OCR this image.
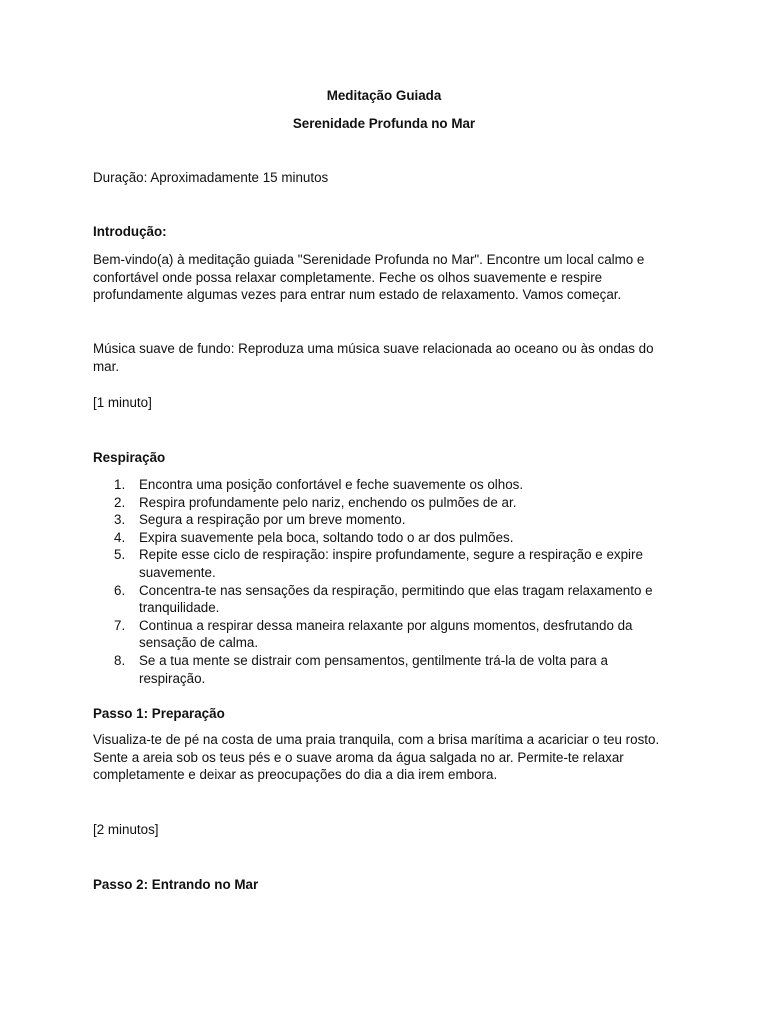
Meditação Guiada

Serenidade Profunda no Mar

Duração: Aproximadamente 15 minutos

Introdução:

Bem-vindo(a) à meditação guiada "Serenidade Profunda no Mar". Encontre um local calmo e confortável onde possa relaxar completamente. Feche os olhos suavemente e respire profundamente algumas vezes para entrar num estado de relaxamento. Vamos começar.

Música suave de fundo: Reproduza uma música suave relacionada ao oceano ou às ondas do mar.

[1 minuto]

Respiração

1. Encontra uma posição confortável e feche suavemente os olhos.
2. Respira profundamente pelo nariz, enchendo os pulmões de ar.
3. Segura a respiração por um breve momento.
4. Expira suavemente pela boca, soltando todo o ar dos pulmões.
5. Repite esse ciclo de respiração: inspire profundamente, segure a respiração e expire suavemente.
6. Concentra-te nas sensações da respiração, permitindo que elas tragam relaxamento e tranquilidade.
7. Continua a respirar dessa maneira relaxante por alguns momentos, desfrutando da sensação de calma.
8. Se a tua mente se distrair com pensamentos, gentilmente trá-la de volta para a respiração.

Passo 1: Preparação

Visualiza-te de pé na costa de uma praia tranquila, com a brisa marítima a acariciar o teu rosto. Sente a areia sob os teus pés e o suave aroma da água salgada no ar. Permite-te relaxar completamente e deixar as preocupações do dia a dia irem embora.

[2 minutos]

Passo 2: Entrando no Mar
